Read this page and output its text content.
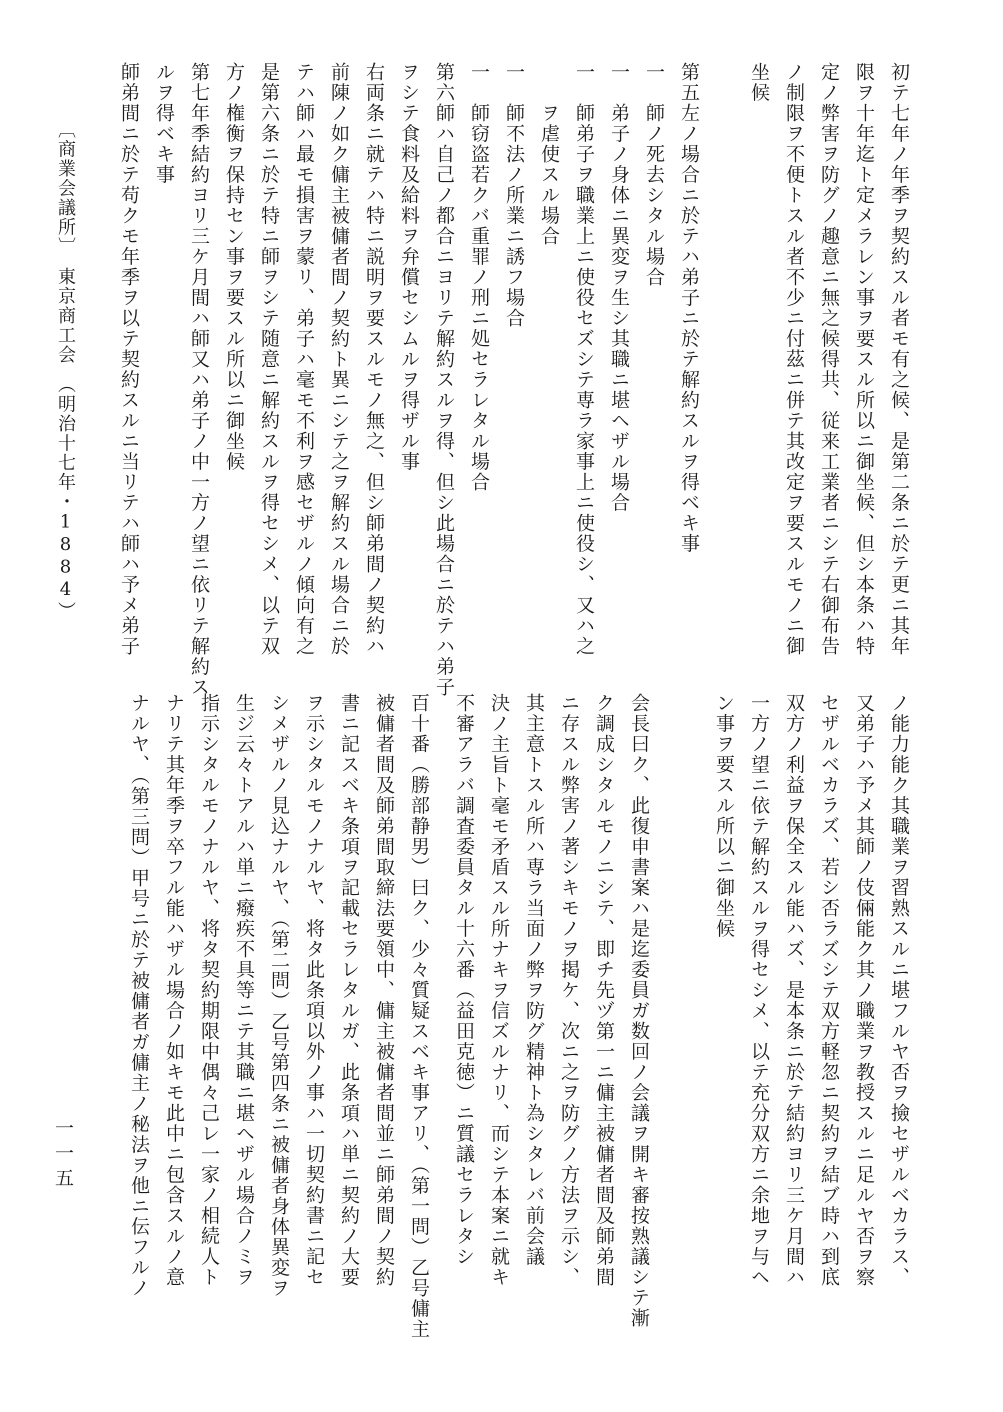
初テ七年ノ年季ヲ契約スル者モ有之候、是第二条ニ於テ更ニ其年
限ヲ十年迄ト定メラレン事ヲ要スル所以ニ御坐候、但シ本条ハ特
定ノ弊害ヲ防グノ趣意ニ無之候得共、従来工業者ニシテ右御布告
ノ制限ヲ不便トスル者不少ニ付茲ニ併テ其改定ヲ要スルモノニ御
坐候
第五左ノ場合ニ於テハ弟子ニ於テ解約スルヲ得ベキ事
一　師ノ死去シタル場合
一　弟子ノ身体ニ異変ヲ生シ其職ニ堪ヘザル場合
一　師弟子ヲ職業上ニ使役セズシテ専ラ家事上ニ使役シ、又ハ之
　　ヲ虐使スル場合
一　師不法ノ所業ニ誘フ場合
一　師窃盗若クバ重罪ノ刑ニ処セラレタル場合
第六師ハ自己ノ都合ニヨリテ解約スルヲ得、但シ此場合ニ於テハ弟子
ヲシテ食料及給料ヲ弁償セシムルヲ得ザル事
右両条ニ就テハ特ニ説明ヲ要スルモノ無之、但シ師弟間ノ契約ハ
前陳ノ如ク傭主被傭者間ノ契約ト異ニシテ之ヲ解約スル場合ニ於
テハ師ハ最モ損害ヲ蒙リ、弟子ハ毫モ不利ヲ感セザルノ傾向有之
是第六条ニ於テ特ニ師ヲシテ随意ニ解約スルヲ得セシメ、以テ双
方ノ権衡ヲ保持セン事ヲ要スル所以ニ御坐候
第七年季結約ヨリ三ケ月間ハ師又ハ弟子ノ中一方ノ望ニ依リテ解約ス
ルヲ得ベキ事
師弟間ニ於テ苟クモ年季ヲ以テ契約スルニ当リテハ師ハ予メ弟子
ノ能力能ク其職業ヲ習熟スルニ堪フルヤ否ヲ撿セザルベカラス、
又弟子ハ予メ其師ノ伎倆能ク其ノ職業ヲ教授スルニ足ルヤ否ヲ察
セザルベカラズ、若シ否ラズシテ双方軽忽ニ契約ヲ結ブ時ハ到底
双方ノ利益ヲ保全スル能ハズ、是本条ニ於テ結約ヨリ三ケ月間ハ
一方ノ望ニ依テ解約スルヲ得セシメ、以テ充分双方ニ余地ヲ与ヘ
ン事ヲ要スル所以ニ御坐候
会長曰ク、此復申書案ハ是迄委員ガ数回ノ会議ヲ開キ審按熟議シテ漸
ク調成シタルモノニシテ、即チ先ヅ第一ニ傭主被傭者間及師弟間
ニ存スル弊害ノ著シキモノヲ掲ケ、次ニ之ヲ防グノ方法ヲ示シ、
其主意トスル所ハ専ラ当面ノ弊ヲ防グ精神ト為シタレバ前会議
決ノ主旨ト毫モ矛盾スル所ナキヲ信ズルナリ、而シテ本案ニ就キ
不審アラバ調査委員タル十六番（益田克徳）ニ質議セラレタシ
百十番（勝部静男）曰ク、少々質疑スベキ事アリ、（第一問）乙号傭主
被傭者間及師弟間取締法要領中、傭主被傭者間並ニ師弟間ノ契約
書ニ記スベキ条項ヲ記載セラレタルガ、此条項ハ単ニ契約ノ大要
ヲ示シタルモノナルヤ、将タ此条項以外ノ事ハ一切契約書ニ記セ
シメザルノ見込ナルヤ、（第二問）乙号第四条ニ被傭者身体異変ヲ
生ジ云々トアルハ単ニ癈疾不具等ニテ其職ニ堪ヘザル場合ノミヲ
指示シタルモノナルヤ、将タ契約期限中偶々己レ一家ノ相続人ト
ナリテ其年季ヲ卒フル能ハザル場合ノ如キモ此中ニ包含スルノ意
ナルヤ、（第三問）甲号ニ於テ被傭者ガ傭主ノ秘法ヲ他ニ伝フルノ
〔商業会議所〕　東京商工会　（明治十七年・1884）
一一五
